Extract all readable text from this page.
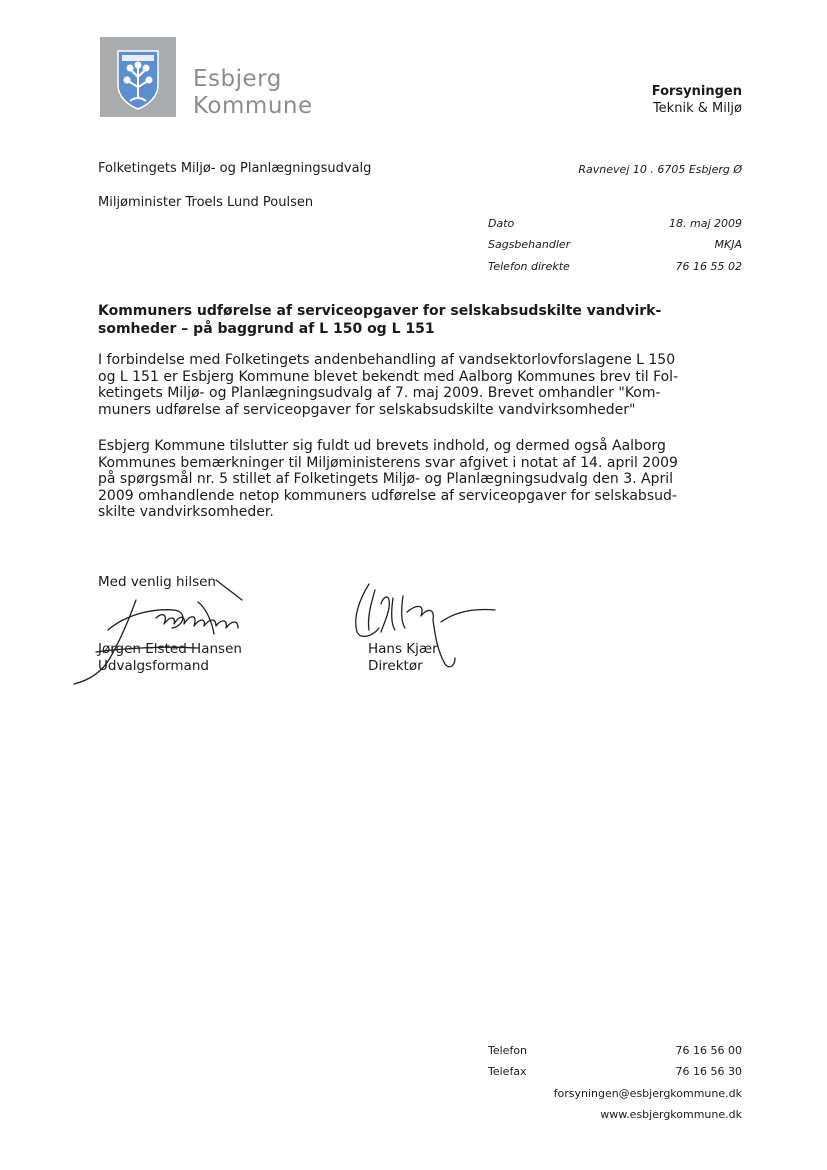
Esbjerg
Kommune
Forsyningen
Teknik & Miljø
Folketingets Miljø- og Planlægningsudvalg
Miljøminister Troels Lund Poulsen
Ravnevej 10 . 6705 Esbjerg Ø
Dato	18. maj 2009
Sagsbehandler	MKJA
Telefon direkte	76 16 55 02
Kommuners udførelse af serviceopgaver for selskabsudskilte vandvirk-
somheder – på baggrund af L 150 og L 151
I forbindelse med Folketingets andenbehandling af vandsektorlovforslagene L 150
og L 151 er Esbjerg Kommune blevet bekendt med Aalborg Kommunes brev til Fol-
ketingets Miljø- og Planlægningsudvalg af 7. maj 2009. Brevet omhandler "Kom-
muners udførelse af serviceopgaver for selskabsudskilte vandvirksomheder"
Esbjerg Kommune tilslutter sig fuldt ud brevets indhold, og dermed også Aalborg
Kommunes bemærkninger til Miljøministerens svar afgivet i notat af 14. april 2009
på spørgsmål nr. 5 stillet af Folketingets Miljø- og Planlægningsudvalg den 3. April
2009 omhandlende netop kommuners udførelse af serviceopgaver for selskabsud-
skilte vandvirksomheder.
Med venlig hilsen
Jørgen Elsted Hansen
Udvalgsformand
Hans Kjær
Direktør
Telefon	76 16 56 00
Telefax	76 16 56 30
forsyningen@esbjergkommune.dk
www.esbjergkommune.dk
